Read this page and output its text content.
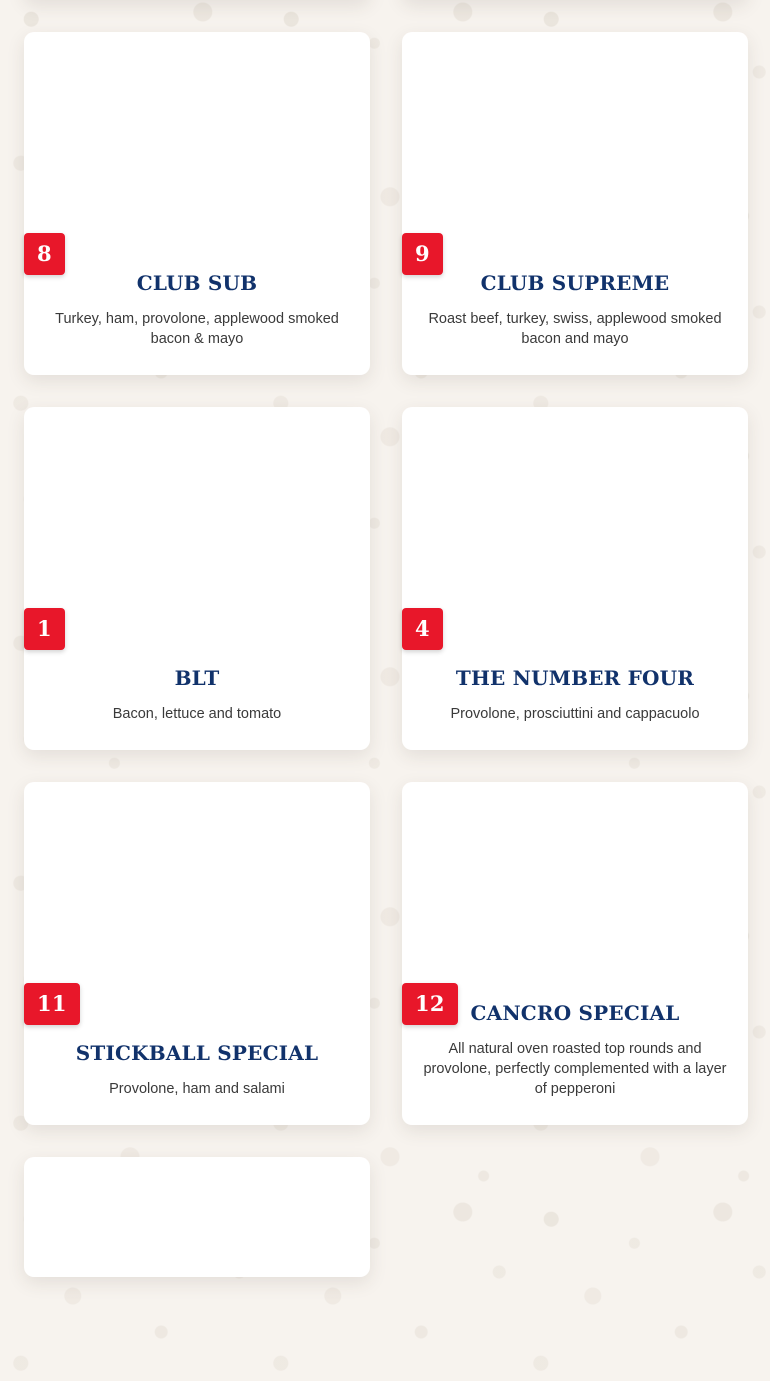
8
CLUB SUB

Turkey, ham, provolone, applewood smoked bacon & mayo

9
CLUB SUPREME

Roast beef, turkey, swiss, applewood smoked bacon and mayo

1
BLT

Bacon, lettuce and tomato

4
THE NUMBER FOUR

Provolone, prosciuttini and cappacuolo

11
STICKBALL SPECIAL

Provolone, ham and salami

12	CANCRO SPECIAL

All natural oven roasted top rounds and provolone, perfectly complemented with a layer of pepperoni
